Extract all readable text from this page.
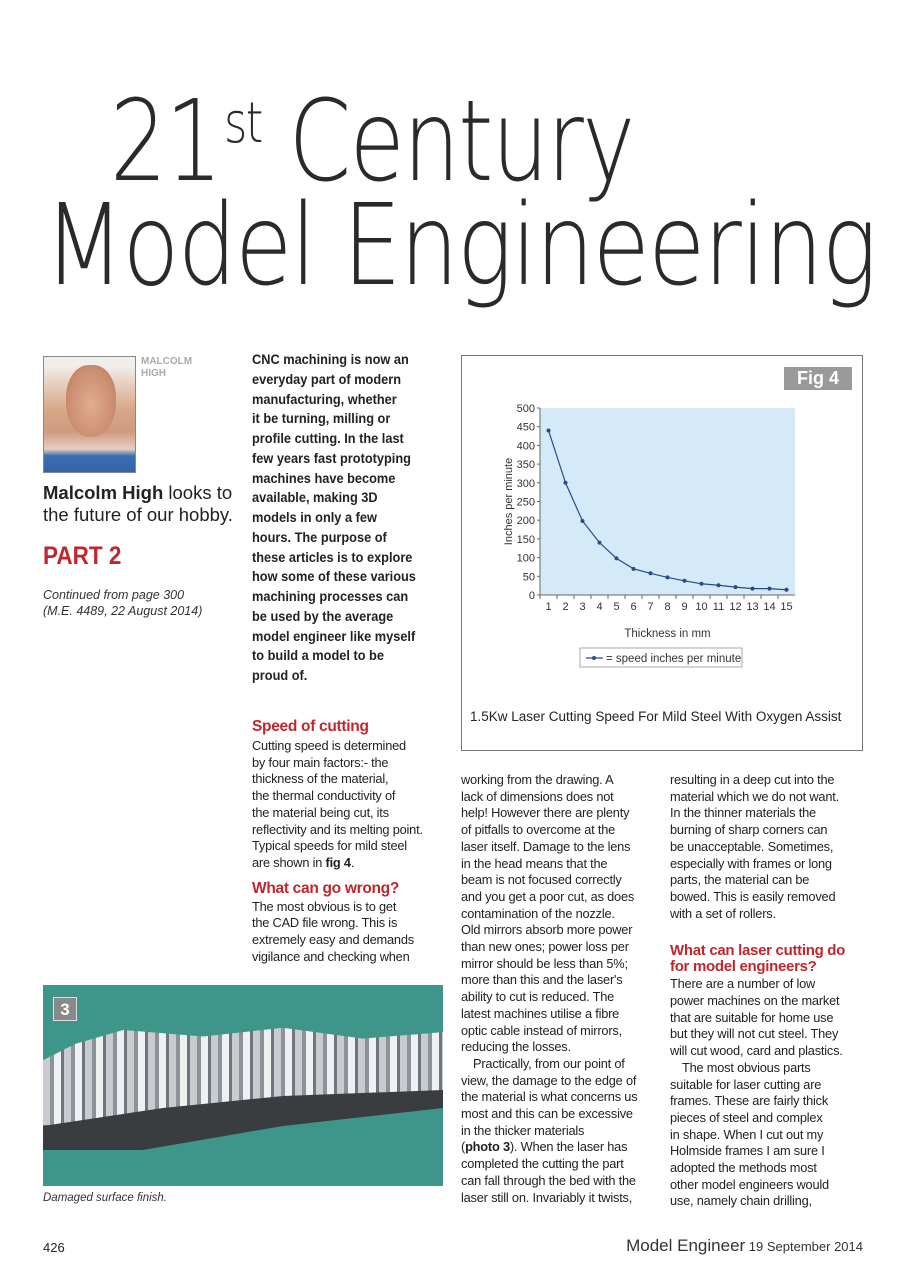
21st Century
Model Engineering
MALCOLM
HIGH
Malcolm High looks to the future of our hobby.
PART 2
Continued from page 300
(M.E. 4489, 22 August 2014)
CNC machining is now an
everyday part of modern
manufacturing, whether
it be turning, milling or
profile cutting. In the last
few years fast prototyping
machines have become
available, making 3D
models in only a few
hours. The purpose of
these articles is to explore
how some of these various
machining processes can
be used by the average
model engineer like myself
to build a model to be
proud of.
Speed of cutting
Cutting speed is determined
by four main factors:- the
thickness of the material,
the thermal conductivity of
the material being cut, its
reflectivity and its melting point.
Typical speeds for mild steel
are shown in fig 4.
What can go wrong?
The most obvious is to get
the CAD file wrong. This is
extremely easy and demands
vigilance and checking when
working from the drawing. A
lack of dimensions does not
help! However there are plenty
of pitfalls to overcome at the
laser itself. Damage to the lens
in the head means that the
beam is not focused correctly
and you get a poor cut, as does
contamination of the nozzle.
Old mirrors absorb more power
than new ones; power loss per
mirror should be less than 5%;
more than this and the laser's
ability to cut is reduced. The
latest machines utilise a fibre
optic cable instead of mirrors,
reducing the losses.
Practically, from our point of
view, the damage to the edge of
the material is what concerns us
most and this can be excessive
in the thicker materials
(photo 3). When the laser has
completed the cutting the part
can fall through the bed with the
laser still on. Invariably it twists,
resulting in a deep cut into the
material which we do not want.
In the thinner materials the
burning of sharp corners can
be unacceptable. Sometimes,
especially with frames or long
parts, the material can be
bowed. This is easily removed
with a set of rollers.
What can laser cutting do
for model engineers?
There are a number of low
power machines on the market
that are suitable for home use
but they will not cut steel. They
will cut wood, card and plastics.
The most obvious parts
suitable for laser cutting are
frames. These are fairly thick
pieces of steel and complex
in shape. When I cut out my
Holmside frames I am sure I
adopted the methods most
other model engineers would
use, namely chain drilling,
Fig 4
0
50
100
150
200
250
300
350
400
450
500
1 2 3 4 5 6 7 8 9 10 11 12 13 14 15
Thickness in mm
Inches per minute
= speed inches per minute
1.5Kw Laser Cutting Speed For Mild Steel With Oxygen Assist
3
Damaged surface finish.
426	Model Engineer 19 September 2014
